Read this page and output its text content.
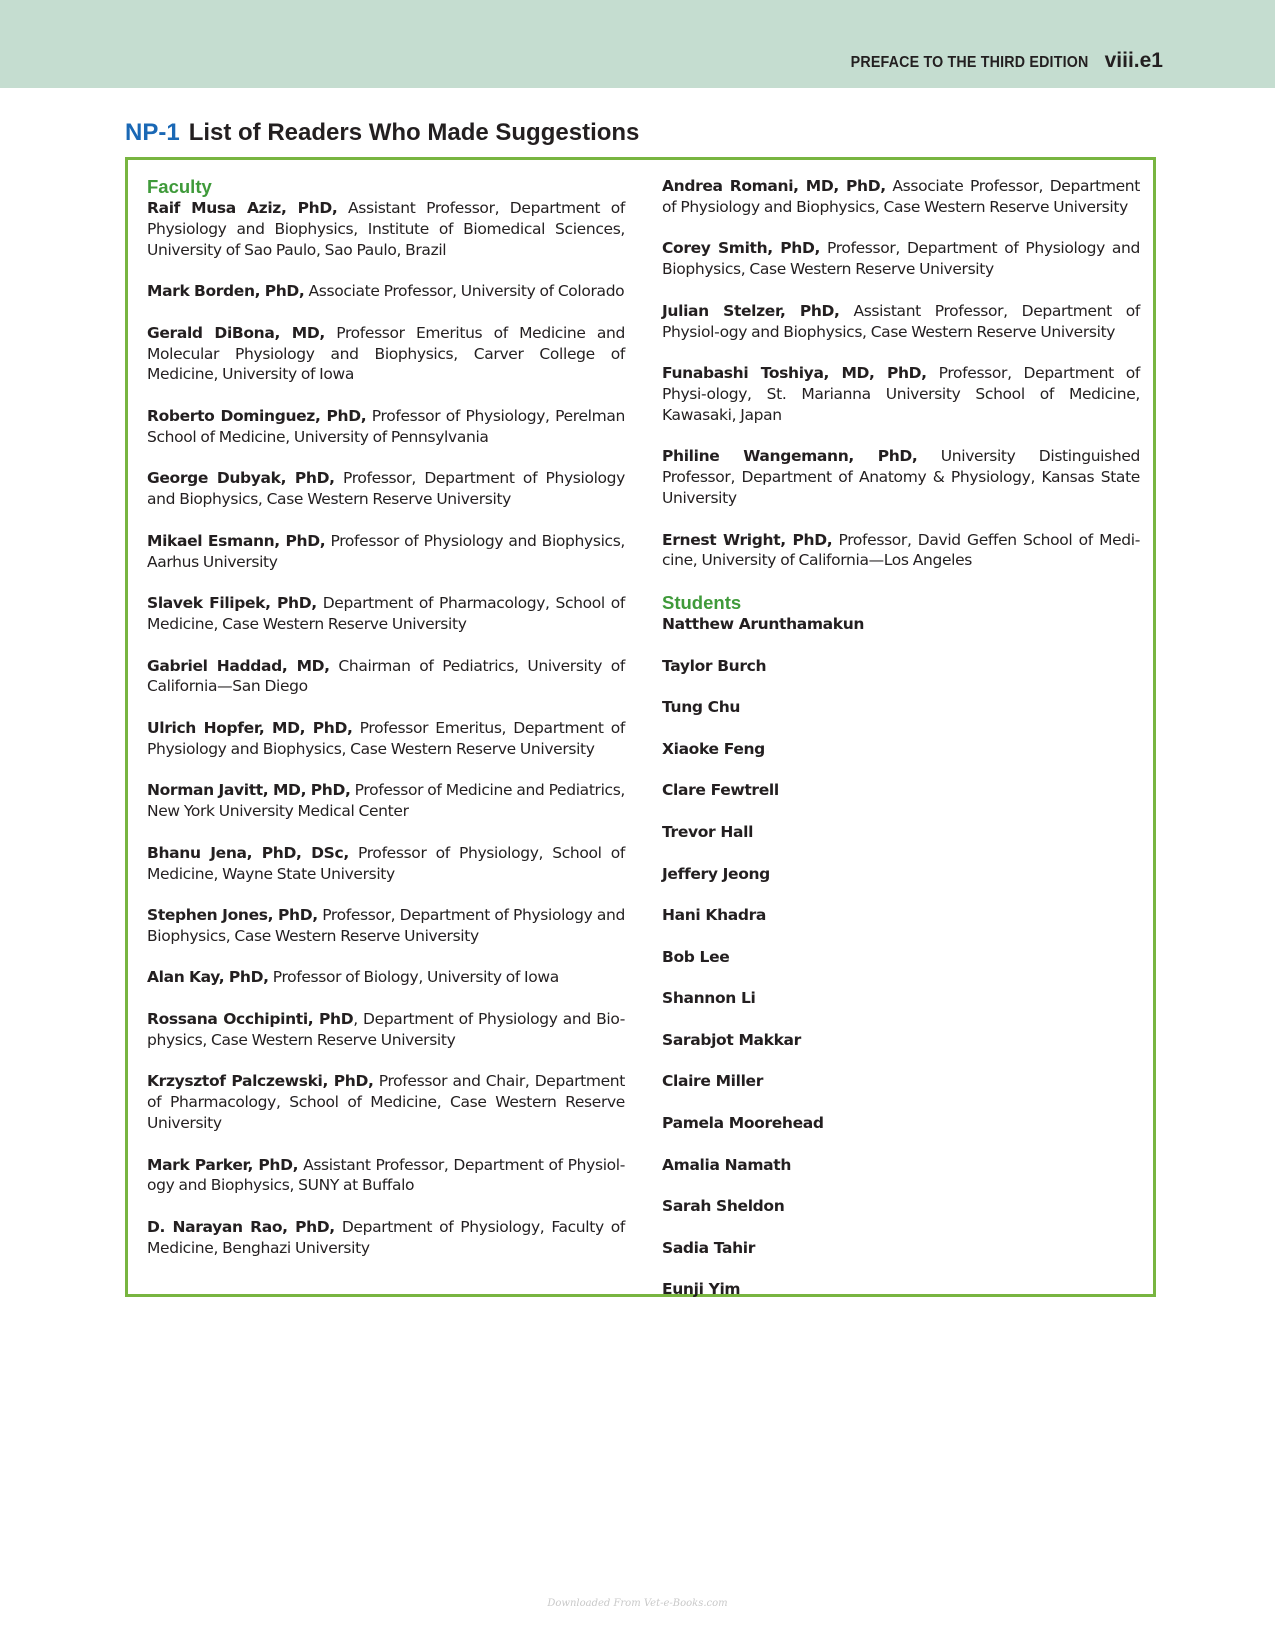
PREFACE TO THE THIRD EDITION viii.e1
NP-1 List of Readers Who Made Suggestions
Faculty

Raif Musa Aziz, PhD, Assistant Professor, Department of Physiology and Biophysics, Institute of Biomedical Sciences, University of Sao Paulo, Sao Paulo, Brazil

Mark Borden, PhD, Associate Professor, University of Colorado

Gerald DiBona, MD, Professor Emeritus of Medicine and Molecular Physiology and Biophysics, Carver College of Medicine, University of Iowa

Roberto Dominguez, PhD, Professor of Physiology, Perelman School of Medicine, University of Pennsylvania

George Dubyak, PhD, Professor, Department of Physiology and Biophysics, Case Western Reserve University

Mikael Esmann, PhD, Professor of Physiology and Biophysics, Aarhus University

Slavek Filipek, PhD, Department of Pharmacology, School of Medicine, Case Western Reserve University

Gabriel Haddad, MD, Chairman of Pediatrics, University of California—San Diego

Ulrich Hopfer, MD, PhD, Professor Emeritus, Department of Physiology and Biophysics, Case Western Reserve University

Norman Javitt, MD, PhD, Professor of Medicine and Pediatrics, New York University Medical Center

Bhanu Jena, PhD, DSc, Professor of Physiology, School of Medicine, Wayne State University

Stephen Jones, PhD, Professor, Department of Physiology and Biophysics, Case Western Reserve University

Alan Kay, PhD, Professor of Biology, University of Iowa

Rossana Occhipinti, PhD, Department of Physiology and Bio-physics, Case Western Reserve University

Krzysztof Palczewski, PhD, Professor and Chair, Department of Pharmacology, School of Medicine, Case Western Reserve University

Mark Parker, PhD, Assistant Professor, Department of Physiol-ogy and Biophysics, SUNY at Buffalo

D. Narayan Rao, PhD, Department of Physiology, Faculty of Medicine, Benghazi University

Andrea Romani, MD, PhD, Associate Professor, Department of Physiology and Biophysics, Case Western Reserve University

Corey Smith, PhD, Professor, Department of Physiology and Biophysics, Case Western Reserve University

Julian Stelzer, PhD, Assistant Professor, Department of Physiol-ogy and Biophysics, Case Western Reserve University

Funabashi Toshiya, MD, PhD, Professor, Department of Physi-ology, St. Marianna University School of Medicine, Kawasaki, Japan

Philine Wangemann, PhD, University Distinguished Professor, Department of Anatomy & Physiology, Kansas State University

Ernest Wright, PhD, Professor, David Geffen School of Medi-cine, University of California—Los Angeles

Students
Natthew Arunthamakun
Taylor Burch
Tung Chu
Xiaoke Feng
Clare Fewtrell
Trevor Hall
Jeffery Jeong
Hani Khadra
Bob Lee
Shannon Li
Sarabjot Makkar
Claire Miller
Pamela Moorehead
Amalia Namath
Sarah Sheldon
Sadia Tahir
Eunji Yim
Downloaded From Vet-e-Books.com
